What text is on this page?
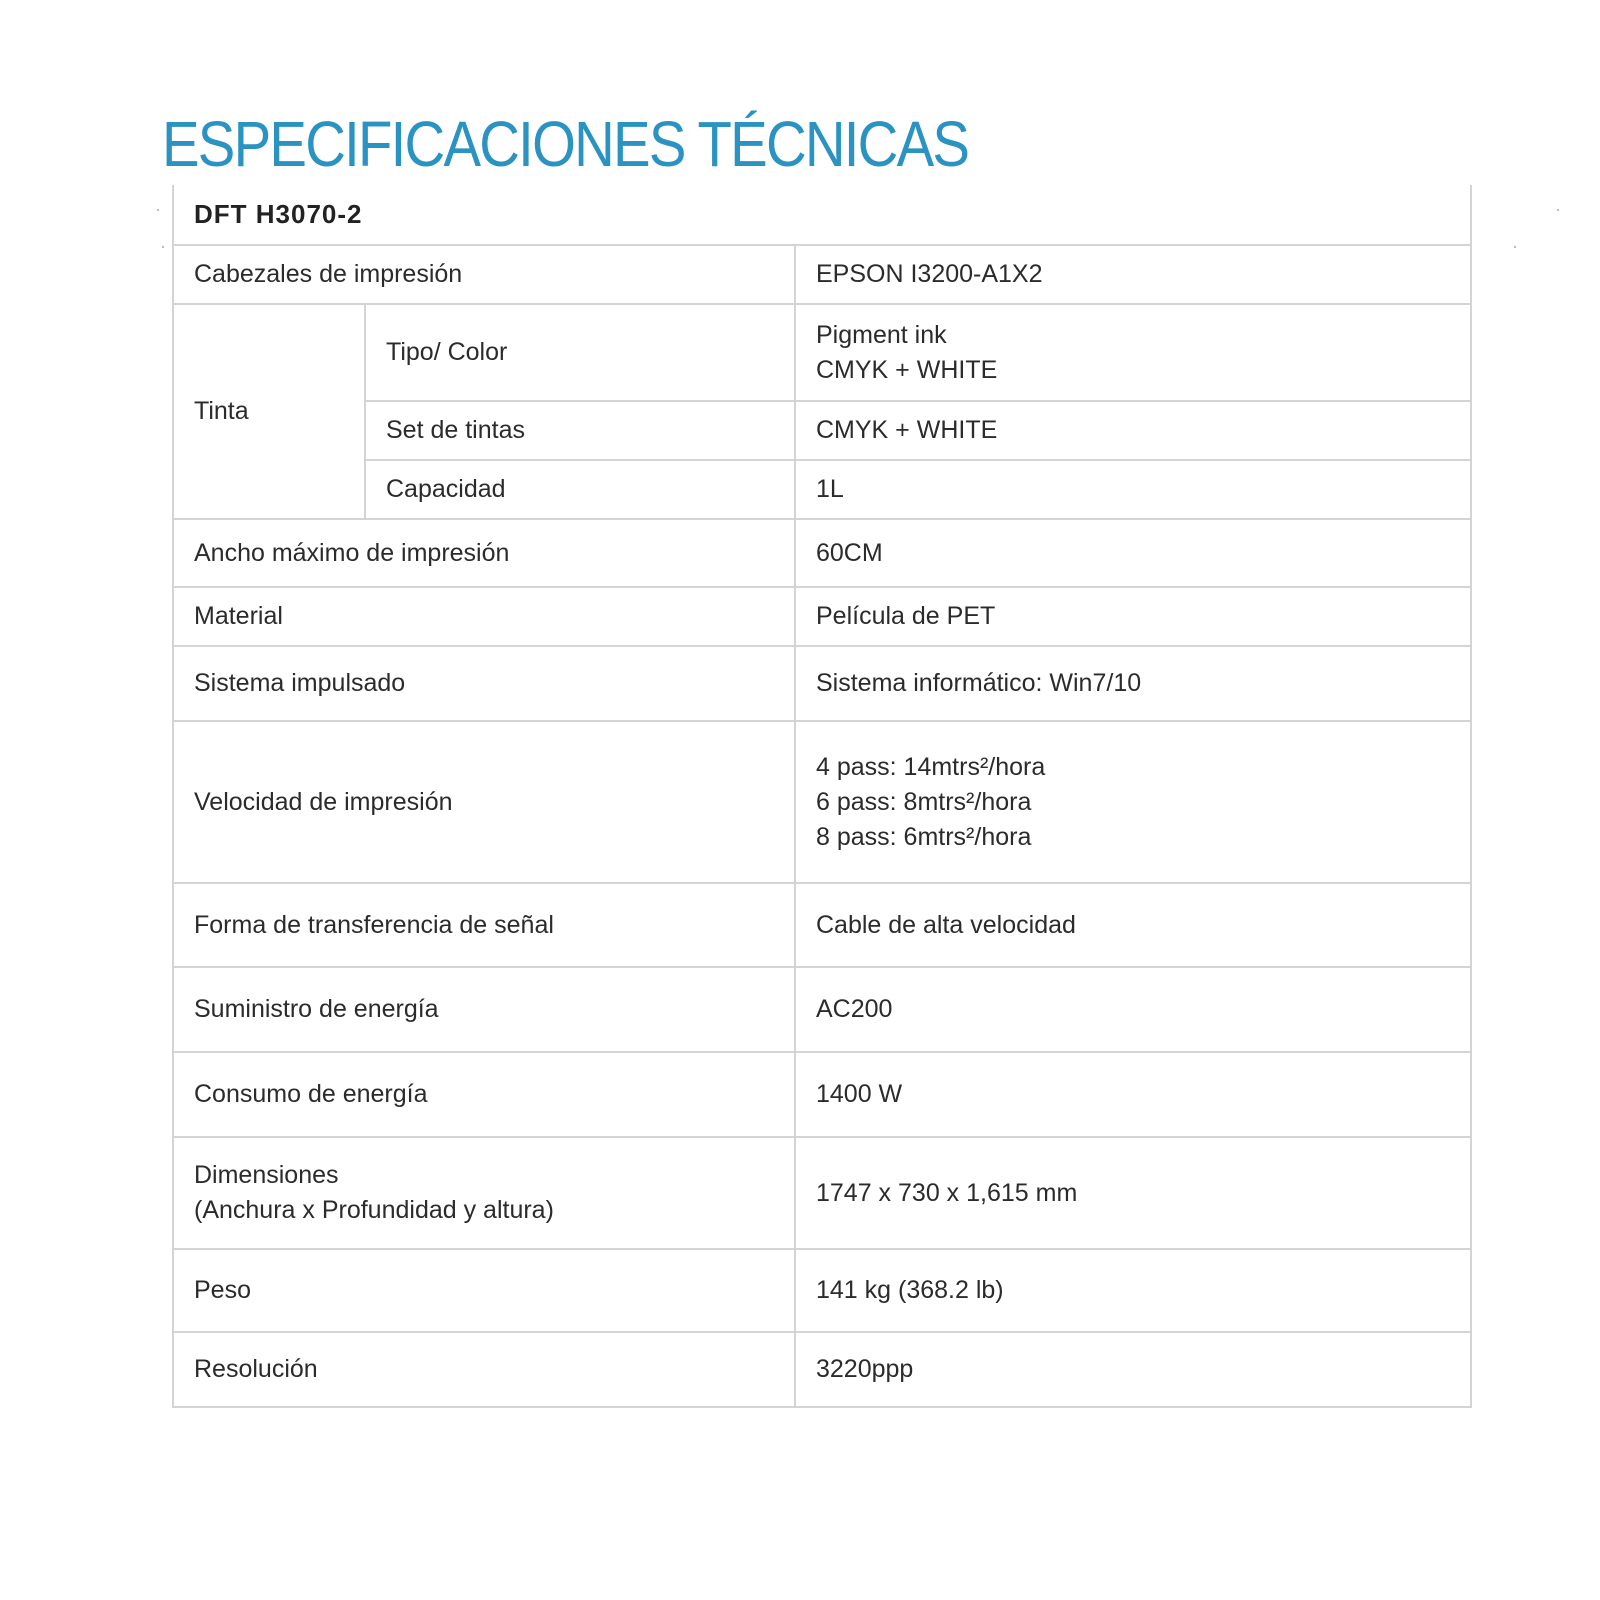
ESPECIFICACIONES TÉCNICAS
DFT H3070-2		
Cabezales de impresión		EPSON I3200-A1X2
Tinta	Tipo/ Color	Pigment ink
CMYK + WHITE

	Set de tintas	CMYK + WHITE
	Capacidad	1L
Ancho máximo de impresión		60CM
Material		Película de PET
Sistema impulsado		Sistema informático: Win7/10
Velocidad de impresión		4 pass: 14mtrs²/hora
6 pass: 8mtrs²/hora
8 pass: 6mtrs²/hora

Forma de transferencia de señal		Cable de alta velocidad
Suministro de energía		AC200
Consumo de energía		1400 W

Dimensiones
(Anchura x Profundidad y altura)		1747 x 730 x 1,615 mm
Peso		141 kg (368.2 lb)
Resolución		3220ppp
